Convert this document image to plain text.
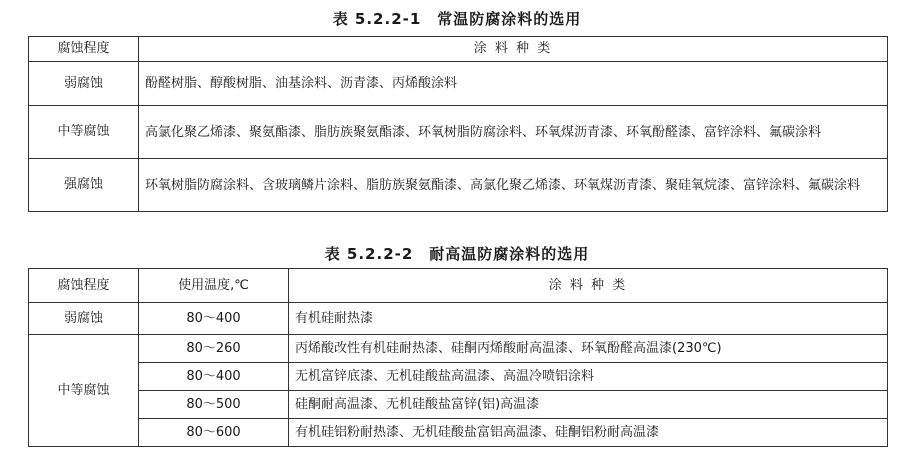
表 5.2.2-1　常温防腐涂料的选用
腐蚀程度	涂 料 种 类
弱腐蚀	酚醛树脂、醇酸树脂、油基涂料、沥青漆、丙烯酸涂料
中等腐蚀	高氯化聚乙烯漆、聚氨酯漆、脂肪族聚氨酯漆、环氧树脂防腐涂料、环氧煤沥青漆、环氧酚醛漆、富锌涂料、氟碳涂料
强腐蚀	环氧树脂防腐涂料、含玻璃鳞片涂料、脂肪族聚氨酯漆、高氯化聚乙烯漆、环氧煤沥青漆、聚硅氧烷漆、富锌涂料、氟碳涂料
表 5.2.2-2　耐高温防腐涂料的选用
腐蚀程度	使用温度,℃	涂 料 种 类
弱腐蚀	80～400	有机硅耐热漆
中等腐蚀	80～260	丙烯酸改性有机硅耐热漆、硅酮丙烯酸耐高温漆、环氧酚醛高温漆(230℃)
	80～400	无机富锌底漆、无机硅酸盐高温漆、高温冷喷铝涂料
	80～500	硅酮耐高温漆、无机硅酸盐富锌(铝)高温漆
	80～600	有机硅铝粉耐热漆、无机硅酸盐富铝高温漆、硅酮铝粉耐高温漆
